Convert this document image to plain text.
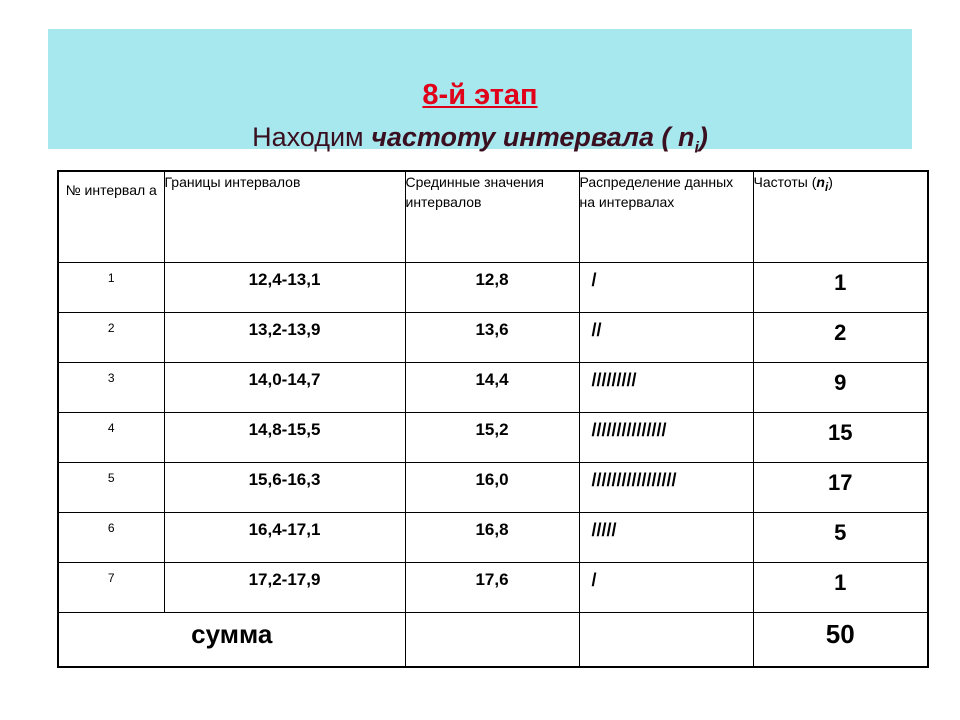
8-й этап
Находим частоту интервала ( $n_i$)
№ интервал а	Границы интервалов	Срединные значения интервалов	Распределение данных на интервалах	Частоты $(n_i)$
1	12,4-13,1	12,8	/	1
2	13,2-13,9	13,6	//	2
3	14,0-14,7	14,4	/////////	9
4	14,8-15,5	15,2	///////////////	15
5	15,6-16,3	16,0	/////////////////	17
6	16,4-17,1	16,8	/////	5
7	17,2-17,9	17,6	/	1
сумма				50
